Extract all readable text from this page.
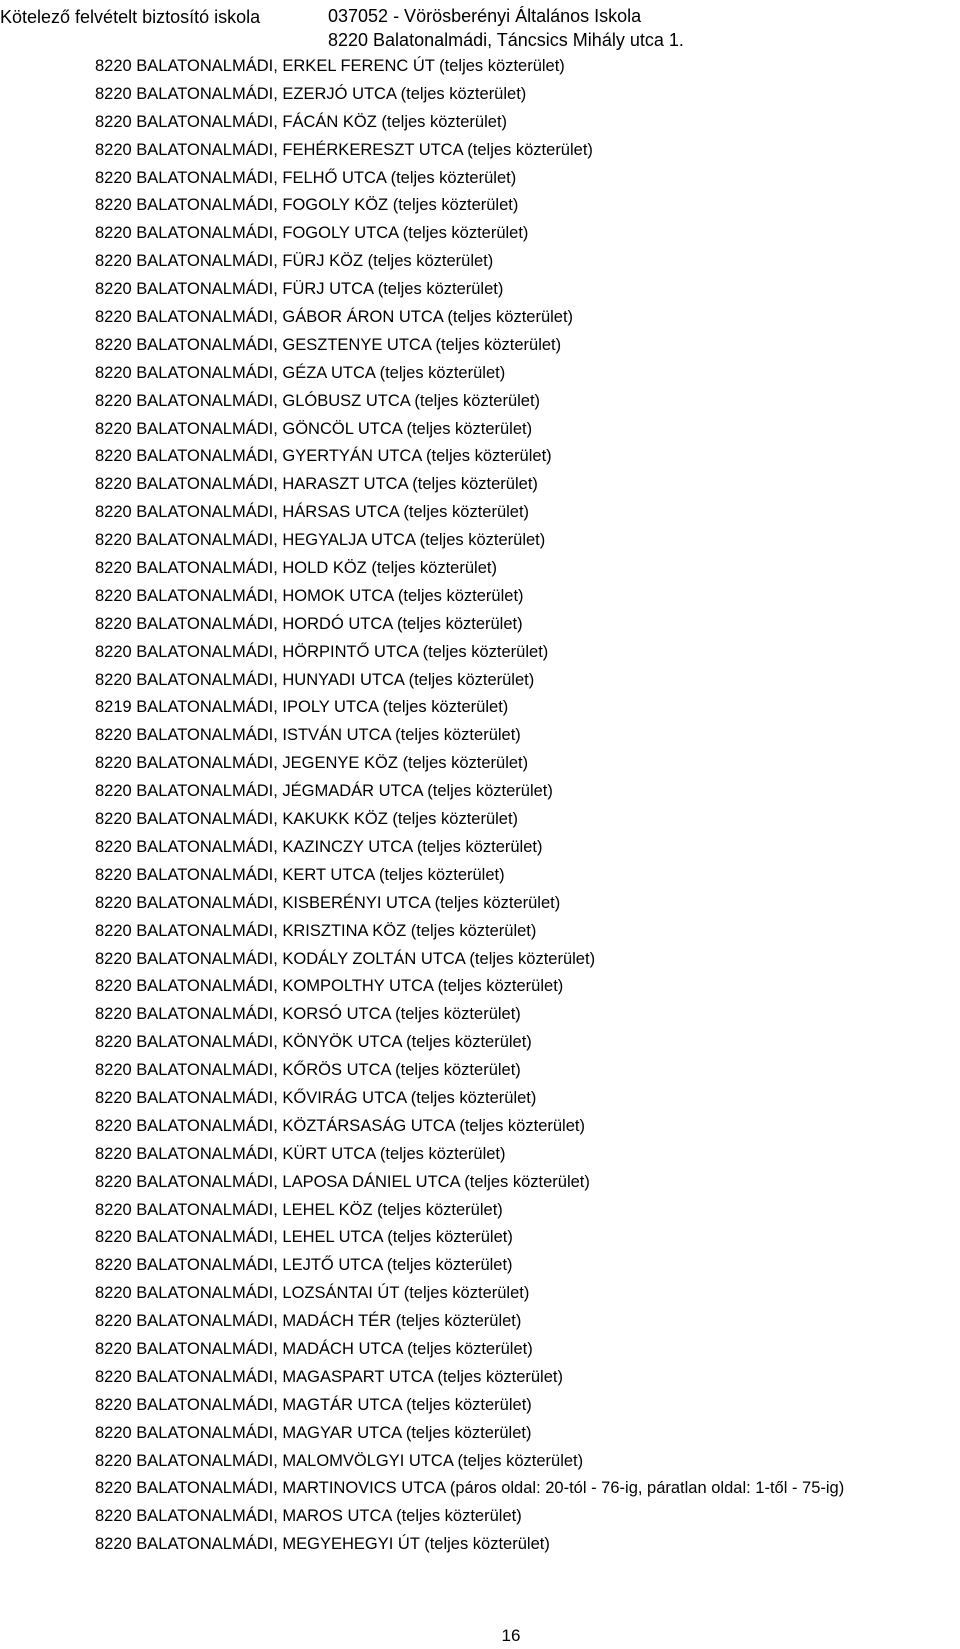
Kötelező felvételt biztosító iskola	037052 - Vörösberényi Általános Iskola
8220 Balatonalmádi, Táncsics Mihály utca 1.
8220 BALATONALMÁDI, ERKEL FERENC ÚT (teljes közterület)
8220 BALATONALMÁDI, EZERJÓ UTCA (teljes közterület)
8220 BALATONALMÁDI, FÁCÁN KÖZ (teljes közterület)
8220 BALATONALMÁDI, FEHÉRKERESZT UTCA (teljes közterület)
8220 BALATONALMÁDI, FELHŐ UTCA (teljes közterület)
8220 BALATONALMÁDI, FOGOLY KÖZ (teljes közterület)
8220 BALATONALMÁDI, FOGOLY UTCA (teljes közterület)
8220 BALATONALMÁDI, FÜRJ KÖZ (teljes közterület)
8220 BALATONALMÁDI, FÜRJ UTCA (teljes közterület)
8220 BALATONALMÁDI, GÁBOR ÁRON UTCA (teljes közterület)
8220 BALATONALMÁDI, GESZTENYE UTCA (teljes közterület)
8220 BALATONALMÁDI, GÉZA UTCA (teljes közterület)
8220 BALATONALMÁDI, GLÓBUSZ UTCA (teljes közterület)
8220 BALATONALMÁDI, GÖNCÖL UTCA (teljes közterület)
8220 BALATONALMÁDI, GYERTYÁN UTCA (teljes közterület)
8220 BALATONALMÁDI, HARASZT UTCA (teljes közterület)
8220 BALATONALMÁDI, HÁRSAS UTCA (teljes közterület)
8220 BALATONALMÁDI, HEGYALJA UTCA (teljes közterület)
8220 BALATONALMÁDI, HOLD KÖZ (teljes közterület)
8220 BALATONALMÁDI, HOMOK UTCA (teljes közterület)
8220 BALATONALMÁDI, HORDÓ UTCA (teljes közterület)
8220 BALATONALMÁDI, HÖRPINTŐ UTCA (teljes közterület)
8220 BALATONALMÁDI, HUNYADI UTCA (teljes közterület)
8219 BALATONALMÁDI, IPOLY UTCA (teljes közterület)
8220 BALATONALMÁDI, ISTVÁN UTCA (teljes közterület)
8220 BALATONALMÁDI, JEGENYE KÖZ (teljes közterület)
8220 BALATONALMÁDI, JÉGMADÁR UTCA (teljes közterület)
8220 BALATONALMÁDI, KAKUKK KÖZ (teljes közterület)
8220 BALATONALMÁDI, KAZINCZY UTCA (teljes közterület)
8220 BALATONALMÁDI, KERT UTCA (teljes közterület)
8220 BALATONALMÁDI, KISBERÉNYI UTCA (teljes közterület)
8220 BALATONALMÁDI, KRISZTINA KÖZ (teljes közterület)
8220 BALATONALMÁDI, KODÁLY ZOLTÁN UTCA (teljes közterület)
8220 BALATONALMÁDI, KOMPOLTHY UTCA (teljes közterület)
8220 BALATONALMÁDI, KORSÓ UTCA (teljes közterület)
8220 BALATONALMÁDI, KÖNYÖK UTCA (teljes közterület)
8220 BALATONALMÁDI, KŐRÖS UTCA (teljes közterület)
8220 BALATONALMÁDI, KŐVIRÁG UTCA (teljes közterület)
8220 BALATONALMÁDI, KÖZTÁRSASÁG UTCA (teljes közterület)
8220 BALATONALMÁDI, KÜRT UTCA (teljes közterület)
8220 BALATONALMÁDI, LAPOSA DÁNIEL UTCA (teljes közterület)
8220 BALATONALMÁDI, LEHEL KÖZ (teljes közterület)
8220 BALATONALMÁDI, LEHEL UTCA (teljes közterület)
8220 BALATONALMÁDI, LEJTŐ UTCA (teljes közterület)
8220 BALATONALMÁDI, LOZSÁNTAI ÚT (teljes közterület)
8220 BALATONALMÁDI, MADÁCH TÉR (teljes közterület)
8220 BALATONALMÁDI, MADÁCH UTCA (teljes közterület)
8220 BALATONALMÁDI, MAGASPART UTCA (teljes közterület)
8220 BALATONALMÁDI, MAGTÁR UTCA (teljes közterület)
8220 BALATONALMÁDI, MAGYAR UTCA (teljes közterület)
8220 BALATONALMÁDI, MALOMVÖLGYI UTCA (teljes közterület)
8220 BALATONALMÁDI, MARTINOVICS UTCA (páros oldal: 20-tól - 76-ig, páratlan oldal: 1-től - 75-ig)
8220 BALATONALMÁDI, MAROS UTCA (teljes közterület)
8220 BALATONALMÁDI, MEGYEHEGYI ÚT (teljes közterület)
16
